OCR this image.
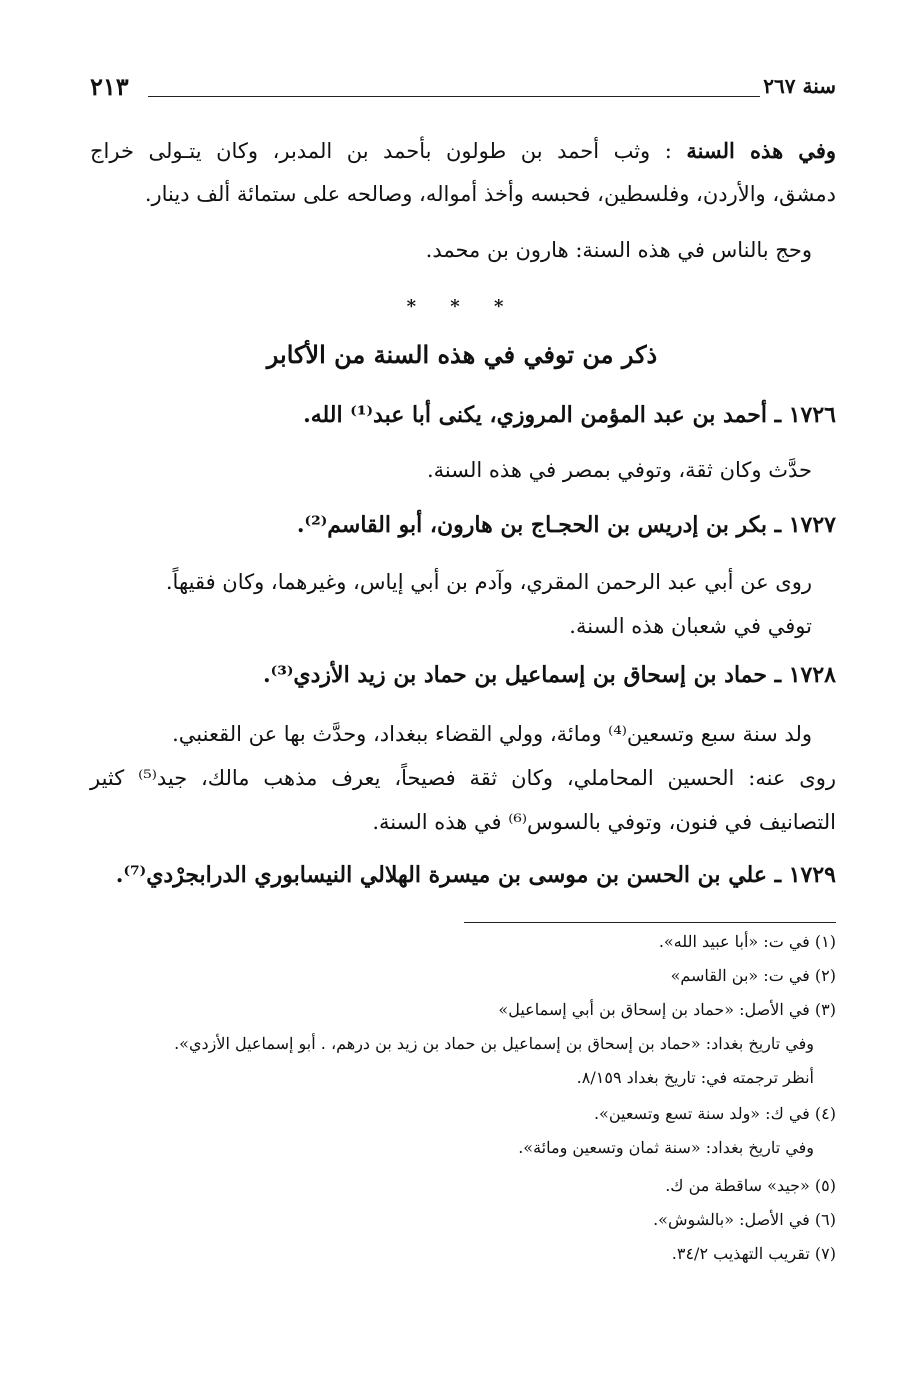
٢١٣	سنة ٢٦٧
وفي هذه السنة : وثب أحمد بن طولون بأحمد بن المدبر، وكان يتـولى خراج
دمشق، والأردن، وفلسطين، فحبسه وأخذ أمواله، وصالحه على ستمائة ألف دينار.
وحج بالناس في هذه السنة: هارون بن محمد.
* * *
ذكر من توفي في هذه السنة من الأكابر
١٧٢٦ ـ أحمد بن عبد المؤمن المروزي، يكنى أبا عبد⁽¹⁾ الله.
حدَّث وكان ثقة، وتوفي بمصر في هذه السنة.
١٧٢٧ ـ بكر بن إدريس بن الحجـاج بن هارون، أبو القاسم⁽²⁾.
روى عن أبي عبد الرحمن المقري، وآدم بن أبي إياس، وغيرهما، وكان فقيهاً.
توفي في شعبان هذه السنة.
١٧٢٨ ـ حماد بن إسحاق بن إسماعيل بن حماد بن زيد الأزدي⁽³⁾.
ولد سنة سبع وتسعين⁽⁴⁾ ومائة، وولي القضاء ببغداد، وحدَّث بها عن القعنبي.
روى عنه: الحسين المحاملي، وكان ثقة فصيحاً، يعرف مذهب مالك، جيد⁽⁵⁾ كثير
التصانيف في فنون، وتوفي بالسوس⁽⁶⁾ في هذه السنة.
١٧٢٩ ـ علي بن الحسن بن موسى بن ميسرة الهلالي النيسابوري الدرابجرْدي⁽⁷⁾.
(١) في ت: «أبا عبيد الله».
(٢) في ت: «بن القاسم»
(٣) في الأصل: «حماد بن إسحاق بن أبي إسماعيل»
وفي تاريخ بغداد: «حماد بن إسحاق بن إسماعيل بن حماد بن زيد بن درهم، . أبو إسماعيل الأزدي».
أنظر ترجمته في: تاريخ بغداد ٨/١٥٩.
(٤) في ك: «ولد سنة تسع وتسعين».
وفي تاريخ بغداد: «سنة ثمان وتسعين ومائة».
(٥) «جيد» ساقطة من ك.
(٦) في الأصل: «بالشوش».
(٧) تقريب التهذيب ٣٤/٢.
